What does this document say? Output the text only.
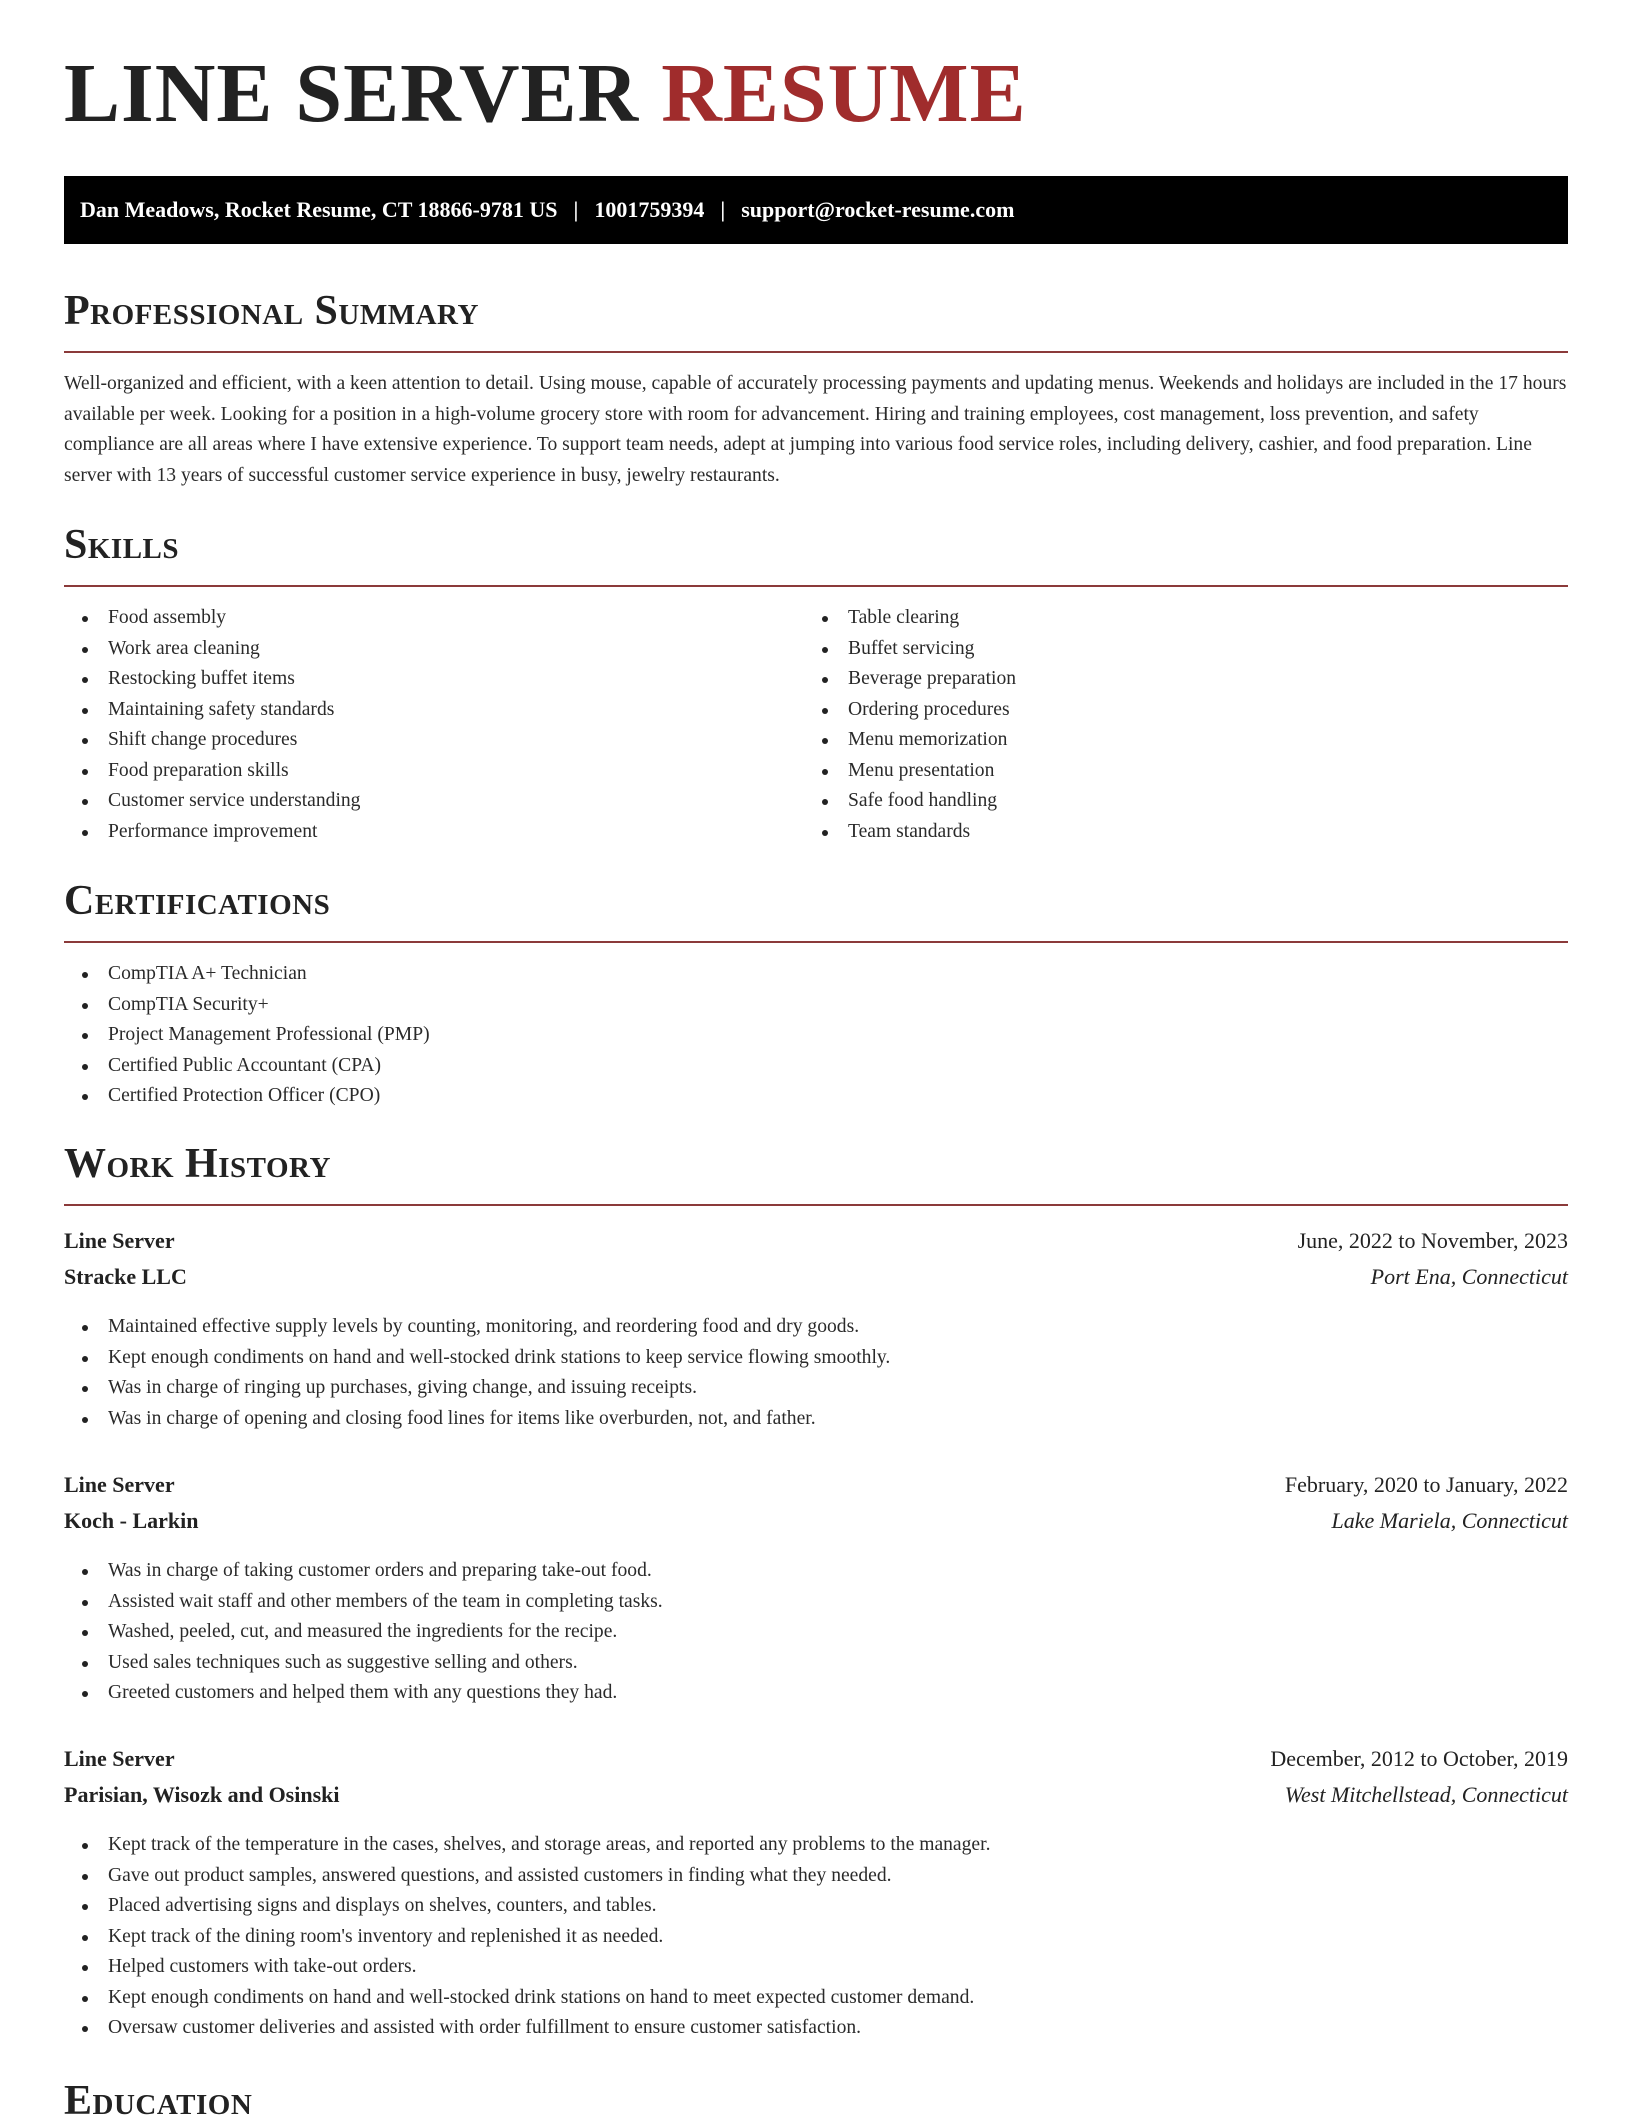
LINE SERVER RESUME
Dan Meadows, Rocket Resume, CT 18866-9781 US | 1001759394 | support@rocket-resume.com
Professional Summary

Well-organized and efficient, with a keen attention to detail. Using mouse, capable of accurately processing payments and updating menus. Weekends and holidays are included in the 17 hours available per week. Looking for a position in a high-volume grocery store with room for advancement. Hiring and training employees, cost management, loss prevention, and safety compliance are all areas where I have extensive experience. To support team needs, adept at jumping into various food service roles, including delivery, cashier, and food preparation. Line server with 13 years of successful customer service experience in busy, jewelry restaurants.

Skills
Food assembly
Work area cleaning
Restocking buffet items
Maintaining safety standards
Shift change procedures
Food preparation skills
Customer service understanding
Performance improvement
Table clearing
Buffet servicing
Beverage preparation
Ordering procedures
Menu memorization
Menu presentation
Safe food handling
Team standards
Certifications
CompTIA A+ Technician
CompTIA Security+
Project Management Professional (PMP)
Certified Public Accountant (CPA)
Certified Protection Officer (CPO)
Work History
Line Server	June, 2022 to November, 2023
Stracke LLC	Port Ena, Connecticut
Maintained effective supply levels by counting, monitoring, and reordering food and dry goods.
Kept enough condiments on hand and well-stocked drink stations to keep service flowing smoothly.
Was in charge of ringing up purchases, giving change, and issuing receipts.
Was in charge of opening and closing food lines for items like overburden, not, and father.
Line Server	February, 2020 to January, 2022
Koch - Larkin	Lake Mariela, Connecticut
Was in charge of taking customer orders and preparing take-out food.
Assisted wait staff and other members of the team in completing tasks.
Washed, peeled, cut, and measured the ingredients for the recipe.
Used sales techniques such as suggestive selling and others.
Greeted customers and helped them with any questions they had.
Line Server	December, 2012 to October, 2019
Parisian, Wisozk and Osinski	West Mitchellstead, Connecticut
Kept track of the temperature in the cases, shelves, and storage areas, and reported any problems to the manager.
Gave out product samples, answered questions, and assisted customers in finding what they needed.
Placed advertising signs and displays on shelves, counters, and tables.
Kept track of the dining room's inventory and replenished it as needed.
Helped customers with take-out orders.
Kept enough condiments on hand and well-stocked drink stations on hand to meet expected customer demand.
Oversaw customer deliveries and assisted with order fulfillment to ensure customer satisfaction.
Education
